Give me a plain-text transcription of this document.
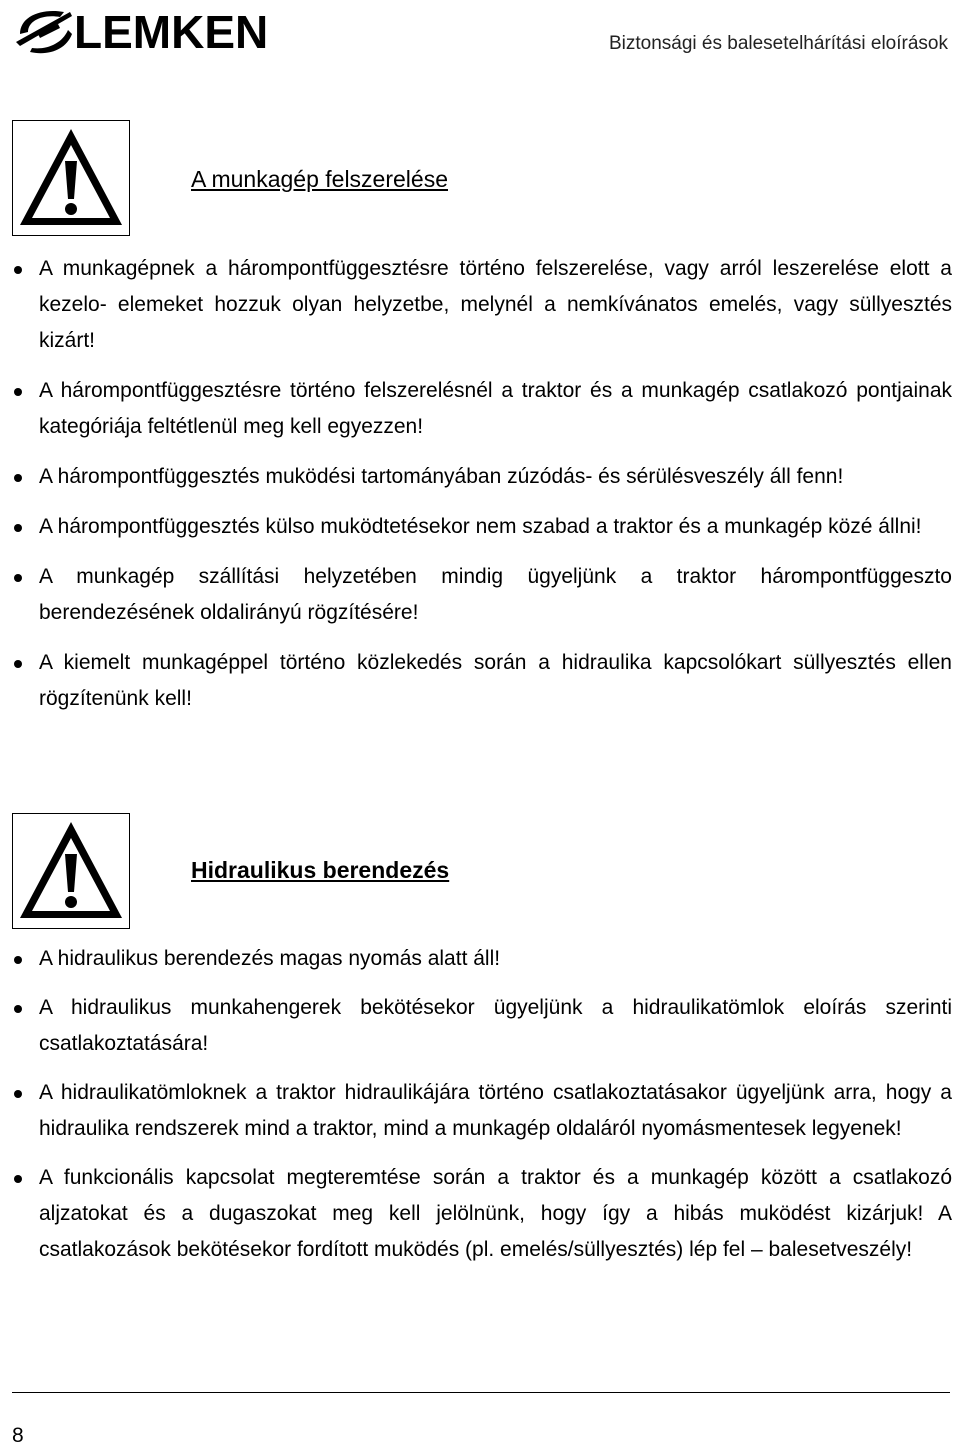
LEMKEN	Biztonsági és balesetelhárítási eloírások
A munkagép felszerelése
A munkagépnek a hárompontfüggesztésre történo felszerelése, vagy arról leszerelése elott a kezelo- elemeket hozzuk olyan helyzetbe, melynél a nemkívánatos emelés, vagy süllyesztés kizárt!
A hárompontfüggesztésre történo felszerelésnél a traktor és a munkagép csatlakozó pontjainak kategóriája feltétlenül meg kell egyezzen!
A hárompontfüggesztés muködési tartományában zúzódás- és sérülésveszély áll fenn!
A hárompontfüggesztés külso muködtetésekor nem szabad a traktor és a munkagép közé állni!
A munkagép szállítási helyzetében mindig ügyeljünk a traktor hárompontfüggeszto berendezésének oldalirányú rögzítésére!
A kiemelt munkagéppel történo közlekedés során a hidraulika kapcsolókart süllyesztés ellen rögzítenünk kell!
Hidraulikus berendezés
A hidraulikus berendezés magas nyomás alatt áll!
A hidraulikus munkahengerek bekötésekor ügyeljünk a hidraulikatömlok eloírás szerinti csatlakoztatására!
A hidraulikatömloknek a traktor hidraulikájára történo csatlakoztatásakor ügyeljünk arra, hogy a hidraulika rendszerek mind a traktor, mind a munkagép oldaláról nyomásmentesek legyenek!
A funkcionális kapcsolat megteremtése során a traktor és a munkagép között a csatlakozó aljzatokat és a dugaszokat meg kell jelölnünk, hogy így a hibás muködést kizárjuk! A csatlakozások bekötésekor fordított muködés (pl. emelés/süllyesztés) lép fel – balesetveszély!
8
